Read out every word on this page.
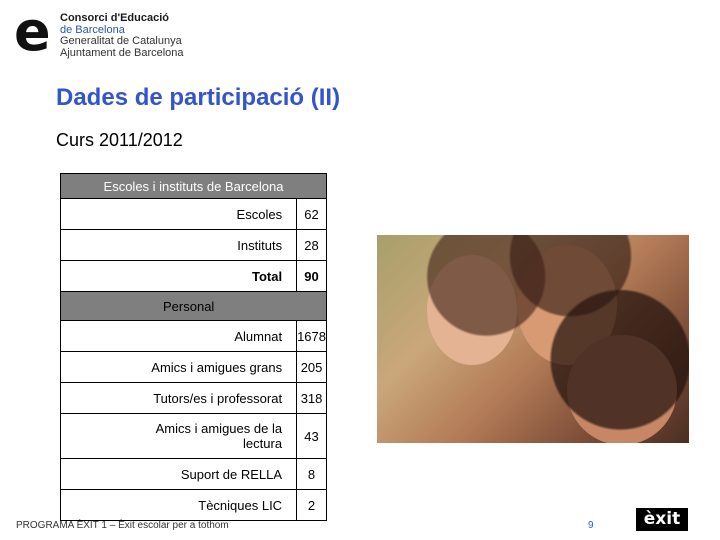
e Consorci d'Educació
de Barcelona
Generalitat de Catalunya
Ajuntament de Barcelona
Dades de participació (II)
Curs 2011/2012
Escoles i instituts de Barcelona	
Escoles	62
Instituts	28
Total	90
Personal	
Alumnat	1678
Amics i amigues grans	205
Tutors/es i professorat	318
Amics i amigues de la lectura	43
Suport de RELLA	8
Tècniques LIC	2
PROGRAMA ÈXIT 1 – Èxit escolar per a tothom	9	èxit
